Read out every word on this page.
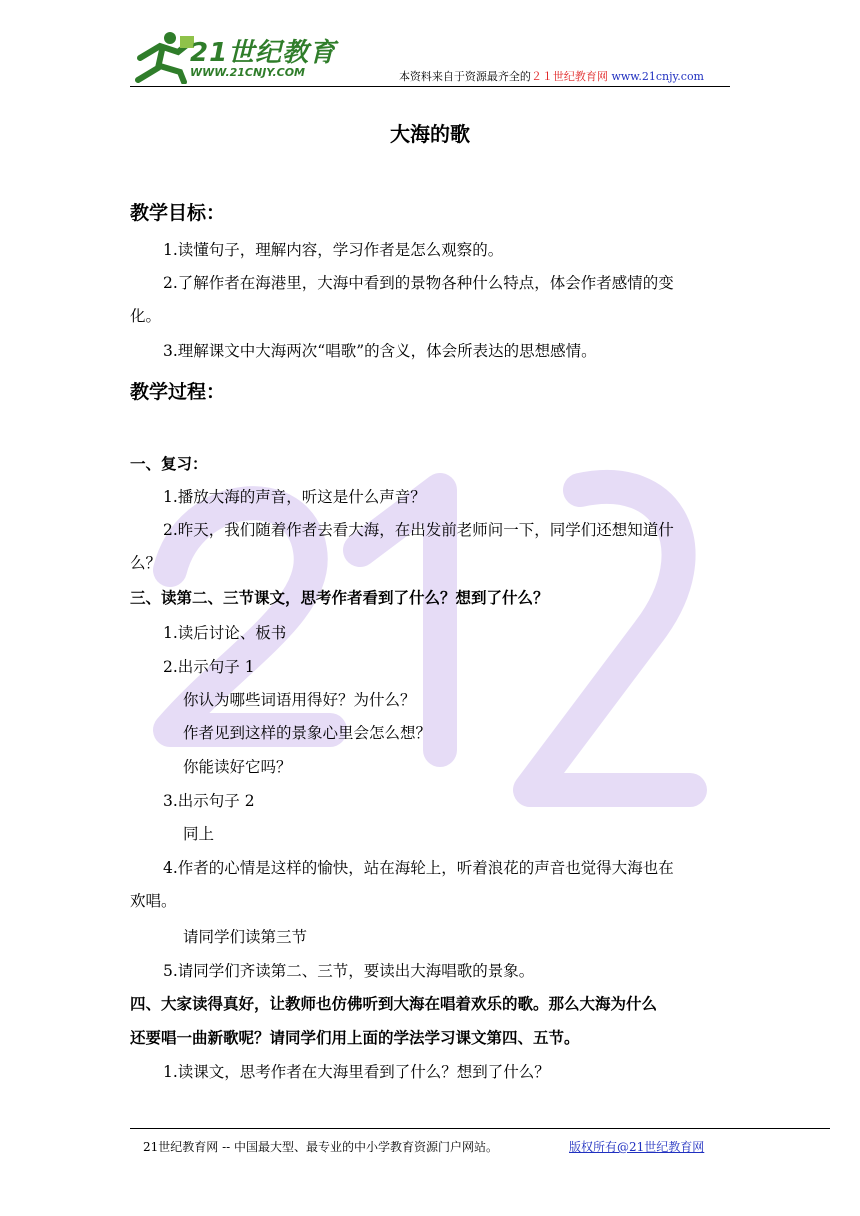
21世纪教育
WWW.21CNJY.COM	本资料来自于资源最齐全的２１世纪教育网 www.21cnjy.com
大海的歌
教学目标：
1.读懂句子，理解内容，学习作者是怎么观察的。
2.了解作者在海港里，大海中看到的景物各种什么特点，体会作者感情的变
化。
3.理解课文中大海两次“唱歌”的含义，体会所表达的思想感情。
教学过程：
一、复习：
1.播放大海的声音，听这是什么声音？
2.昨天，我们随着作者去看大海，在出发前老师问一下，同学们还想知道什
么？
三、读第二、三节课文，思考作者看到了什么？想到了什么？
1.读后讨论、板书
2.出示句子 1
你认为哪些词语用得好？为什么？
作者见到这样的景象心里会怎么想？
你能读好它吗？
3.出示句子 2
同上
4.作者的心情是这样的愉快，站在海轮上，听着浪花的声音也觉得大海也在
欢唱。
请同学们读第三节
5.请同学们齐读第二、三节，要读出大海唱歌的景象。
四、大家读得真好，让教师也仿佛听到大海在唱着欢乐的歌。那么大海为什么
还要唱一曲新歌呢？请同学们用上面的学法学习课文第四、五节。
1.读课文，思考作者在大海里看到了什么？想到了什么？
21世纪教育网 -- 中国最大型、最专业的中小学教育资源门户网站。	版权所有@21世纪教育网
